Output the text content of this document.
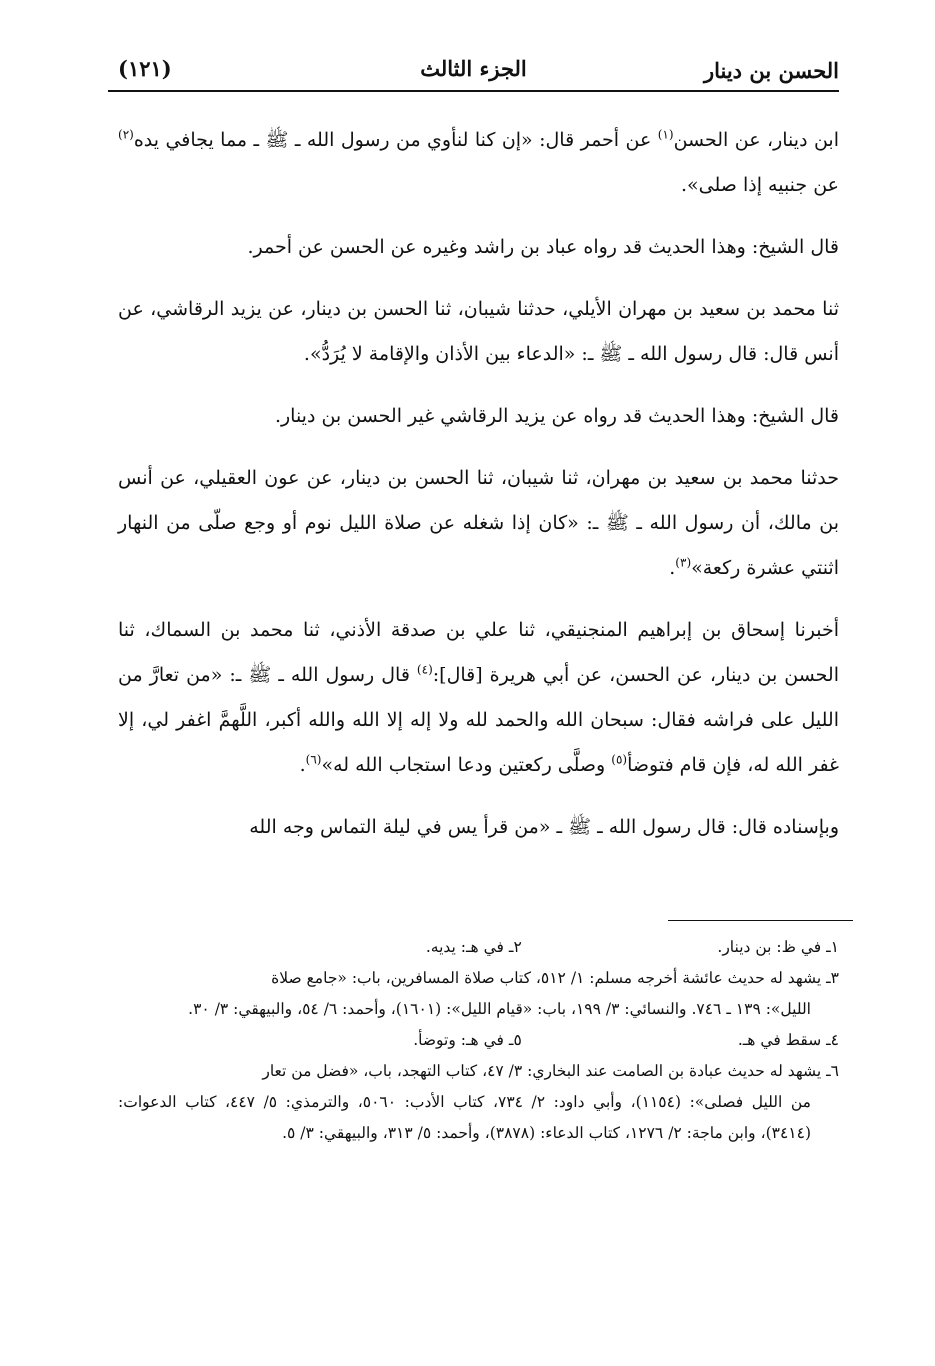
الحسن بن دينار
الجزء الثالث
(١٢١)

ابن دينار، عن الحسن$^{(١)}$ عن أحمر قال: «إن كنا لنأوي من رسول الله ـ ﷺ ـ مما يجافي يده$^{(٢)}$ عن جنبيه إذا صلى».

قال الشيخ: وهذا الحديث قد رواه عباد بن راشد وغيره عن الحسن عن أحمر.

ثنا محمد بن سعيد بن مهران الأيلي، حدثنا شيبان، ثنا الحسن بن دينار، عن يزيد الرقاشي، عن أنس قال: قال رسول الله ـ ﷺ ـ: «الدعاء بين الأذان والإقامة لا يُرَدُّ».

قال الشيخ: وهذا الحديث قد رواه عن يزيد الرقاشي غير الحسن بن دينار.

حدثنا محمد بن سعيد بن مهران، ثنا شيبان، ثنا الحسن بن دينار، عن عون العقيلي، عن أنس بن مالك، أن رسول الله ـ ﷺ ـ: «كان إذا شغله عن صلاة الليل نوم أو وجع صلّى من النهار اثنتي عشرة ركعة»$^{(٣)}$.

أخبرنا إسحاق بن إبراهيم المنجنيقي، ثنا علي بن صدقة الأذني، ثنا محمد بن السماك، ثنا الحسن بن دينار، عن الحسن، عن أبي هريرة [قال]:$^{(٤)}$ قال رسول الله ـ ﷺ ـ: «من تعارَّ من الليل على فراشه فقال: سبحان الله والحمد لله ولا إله إلا الله والله أكبر، اللَّهمَّ اغفر لي، إلا غفر الله له، فإن قام فتوضأ$^{(٥)}$ وصلَّى ركعتين ودعا استجاب الله له»$^{(٦)}$.

وبإسناده قال: قال رسول الله ـ ﷺ ـ «من قرأ يس في ليلة التماس وجه الله

١ـ في ظ: بن دينار.
٢ـ في هـ: يديه.
٣ـ يشهد له حديث عائشة أخرجه مسلم: ١/ ٥١٢، كتاب صلاة المسافرين، باب: «جامع صلاة
الليل»: ١٣٩ ـ ٧٤٦. والنسائي: ٣/ ١٩٩، باب: «قيام الليل»: (١٦٠١)، وأحمد: ٦/ ٥٤، والبيهقي: ٣/ ٣٠.
٤ـ سقط في هـ.
٥ـ في هـ: وتوضأ.
٦ـ يشهد له حديث عبادة بن الصامت عند البخاري: ٣/ ٤٧، كتاب التهجد، باب، «فضل من تعار
من الليل فصلى»: (١١٥٤)، وأبي داود: ٢/ ٧٣٤، كتاب الأدب: ٥٠٦٠، والترمذي: ٥/ ٤٤٧، كتاب الدعوات: (٣٤١٤)، وابن ماجة: ٢/ ١٢٧٦، كتاب الدعاء: (٣٨٧٨)، وأحمد: ٥/ ٣١٣، والبيهقي: ٣/ ٥.
